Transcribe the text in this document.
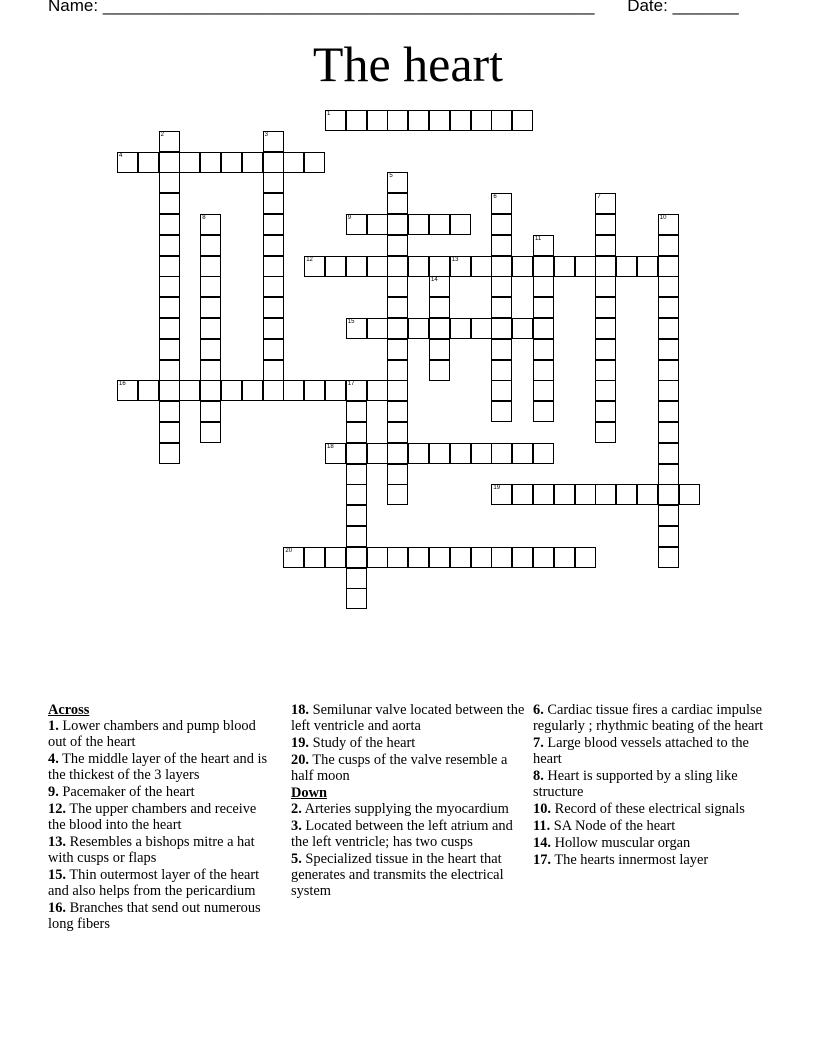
Name: ____________________________________________________ Date: _______
The heart
1
2	3
4
5
6	7
8	9	10
11
12	13
14
15
16	17
18
19
20
Across
1. Lower chambers and pump blood out of the heart
4. The middle layer of the heart and is the thickest of the 3 layers
9. Pacemaker of the heart
12. The upper chambers and receive the blood into the heart
13. Resembles a bishops mitre a hat with cusps or flaps
15. Thin outermost layer of the heart and also helps from the pericardium
16. Branches that send out numerous long fibers
18. Semilunar valve located between the left ventricle and aorta
19. Study of the heart
20. The cusps of the valve resemble a half moon
Down
2. Arteries supplying the myocardium
3. Located between the left atrium and the left ventricle; has two cusps
5. Specialized tissue in the heart that generates and transmits the electrical system
6. Cardiac tissue fires a cardiac impulse regularly ; rhythmic beating of the heart
7. Large blood vessels attached to the heart
8. Heart is supported by a sling like structure
10. Record of these electrical signals
11. SA Node of the heart
14. Hollow muscular organ
17. The hearts innermost layer
